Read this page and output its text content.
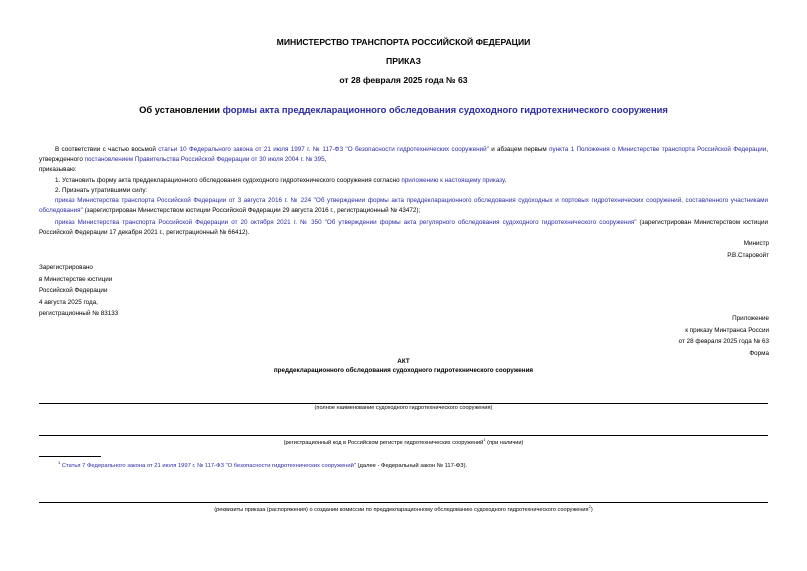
МИНИСТЕРСТВО ТРАНСПОРТА РОССИЙСКОЙ ФЕДЕРАЦИИ
ПРИКАЗ
от 28 февраля 2025 года № 63
Об установлении формы акта преддекларационного обследования судоходного гидротехнического сооружения
В соответствии с частью восьмой статьи 10 Федерального закона от 21 июля 1997 г. № 117-ФЗ "О безопасности гидротехнических сооружений" и абзацем первым пункта 1 Положения о Министерстве транспорта Российской Федерации, утвержденного постановлением Правительства Российской Федерации от 30 июля 2004 г. № 395,
приказываю:
1. Установить форму акта преддекларационного обследования судоходного гидротехнического сооружения согласно приложению к настоящему приказу.
2. Признать утратившими силу:
приказ Министерства транспорта Российской Федерации от 3 августа 2016 г. № 224 "Об утверждении формы акта преддекларационного обследования судоходных и портовых гидротехнических сооружений, составленного участниками обследования" (зарегистрирован Министерством юстиции Российской Федерации 29 августа 2016 г., регистрационный № 43472);
приказ Министерства транспорта Российской Федерации от 20 октября 2021 г. № 350 "Об утверждении формы акта регулярного обследования судоходного гидротехнического сооружения" (зарегистрирован Министерством юстиции Российской Федерации 17 декабря 2021 г., регистрационный № 66412).
Министр
Р.В.Старовойт
Зарегистрировано
в Министерстве юстиции
Российской Федерации
4 августа 2025 года,
регистрационный № 83133
Приложение
к приказу Минтранса России
от 28 февраля 2025 года № 63
Форма
АКТ
преддекларационного обследования судоходного гидротехнического сооружения
(полное наименование судоходного гидротехнического сооружения)
(регистрационный код в Российском регистре гидротехнических сооружений$^1$ (при наличии)
$^1$ Статья 7 Федерального закона от 21 июля 1997 г. № 117-ФЗ "О безопасности гидротехнических сооружений" (далее - Федеральный закон № 117-ФЗ).
(реквизиты приказа (распоряжения) о создании комиссии по преддекларационному обследованию судоходного гидротехнического сооружения$^2$)
